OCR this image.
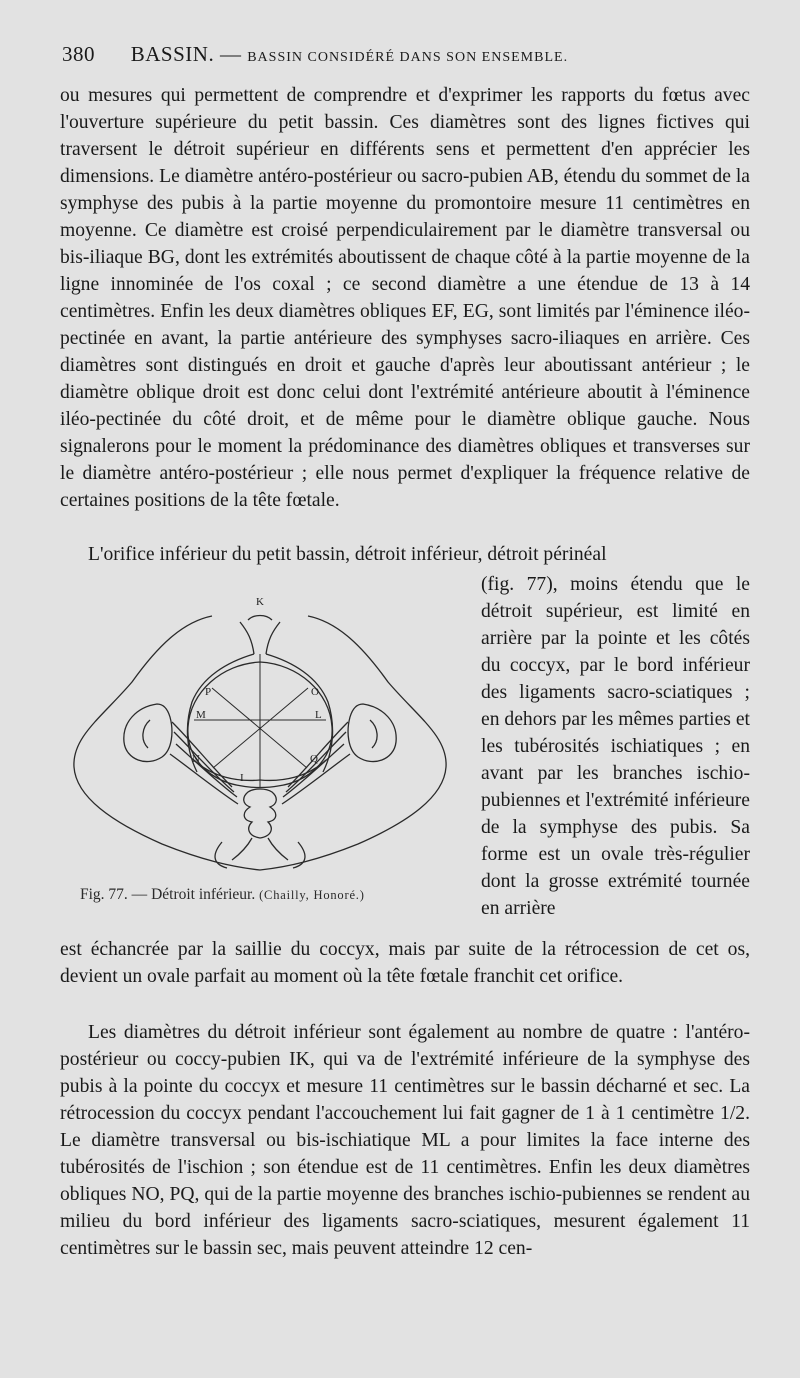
380 BASSIN. — BASSIN CONSIDÉRÉ DANS SON ENSEMBLE.

ou mesures qui permettent de comprendre et d'exprimer les rapports du fœtus avec l'ouverture supérieure du petit bassin. Ces diamètres sont des lignes fictives qui traversent le détroit supérieur en différents sens et permettent d'en apprécier les dimensions. Le diamètre antéro-postérieur ou sacro-pubien AB, étendu du sommet de la symphyse des pubis à la partie moyenne du promontoire mesure 11 centimètres en moyenne. Ce diamètre est croisé perpendiculairement par le diamètre transversal ou bis-iliaque BG, dont les extrémités aboutissent de chaque côté à la partie moyenne de la ligne innominée de l'os coxal ; ce second diamètre a une étendue de 13 à 14 centimètres. Enfin les deux diamètres obliques EF, EG, sont limités par l'éminence iléo-pectinée en avant, la partie antérieure des symphyses sacro-iliaques en arrière. Ces diamètres sont distingués en droit et gauche d'après leur aboutissant antérieur ; le diamètre oblique droit est donc celui dont l'extrémité antérieure aboutit à l'éminence iléo-pectinée du côté droit, et de même pour le diamètre oblique gauche. Nous signalerons pour le moment la prédominance des diamètres obliques et transverses sur le diamètre antéro-postérieur ; elle nous permet d'expliquer la fréquence relative de certaines positions de la tête fœtale.

L'orifice inférieur du petit bassin, détroit inférieur, détroit périnéal

(fig. 77), moins étendu que le détroit supérieur, est limité en arrière par la pointe et les côtés du coccyx, par le bord inférieur des ligaments sacro-sciatiques ; en dehors par les mêmes parties et les tubérosités ischiatiques ; en avant par les branches ischio-pubiennes et l'extrémité inférieure de la symphyse des pubis. Sa forme est un ovale très-régulier dont la grosse extrémité tournée en arrière

K
P	O
M	L
N	Q
I
Fig. 77. — Détroit inférieur. (Chailly, Honoré.)

est échancrée par la saillie du coccyx, mais par suite de la rétrocession de cet os, devient un ovale parfait au moment où la tête fœtale franchit cet orifice.

Les diamètres du détroit inférieur sont également au nombre de quatre : l'antéro-postérieur ou coccy-pubien IK, qui va de l'extrémité inférieure de la symphyse des pubis à la pointe du coccyx et mesure 11 centimètres sur le bassin décharné et sec. La rétrocession du coccyx pendant l'accouchement lui fait gagner de 1 à 1 centimètre 1/2. Le diamètre transversal ou bis-ischiatique ML a pour limites la face interne des tubérosités de l'ischion ; son étendue est de 11 centimètres. Enfin les deux diamètres obliques NO, PQ, qui de la partie moyenne des branches ischio-pubiennes se rendent au milieu du bord inférieur des ligaments sacro-sciatiques, mesurent également 11 centimètres sur le bassin sec, mais peuvent atteindre 12 cen-
